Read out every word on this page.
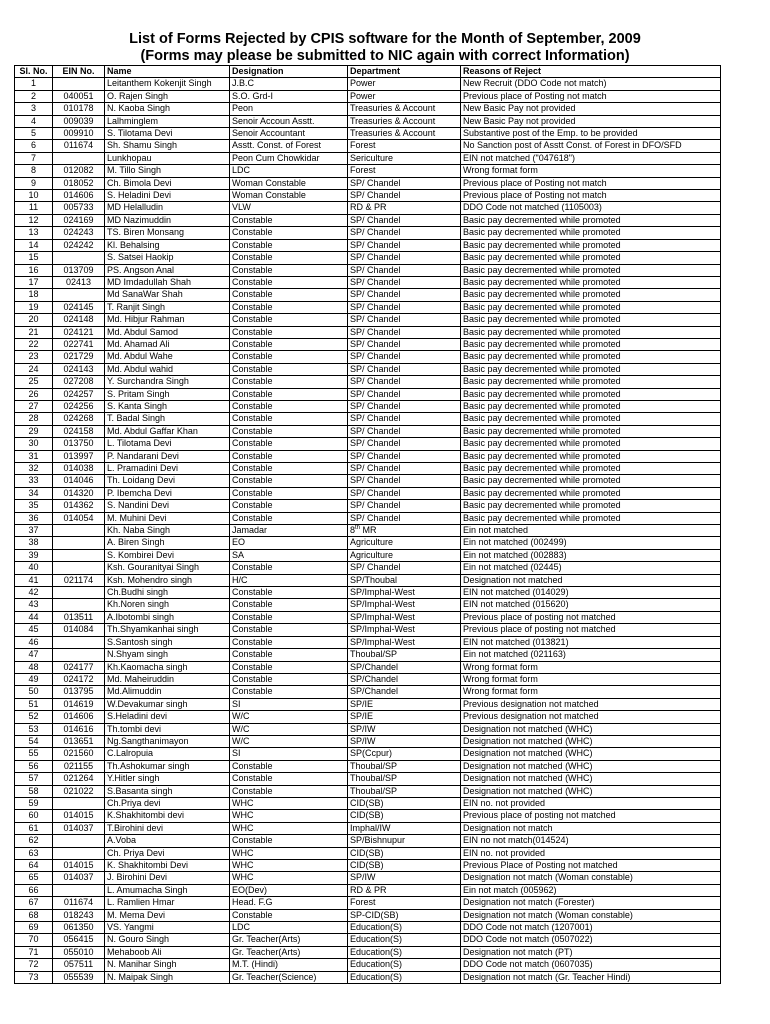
List of Forms Rejected by CPIS software for the Month of September, 2009
(Forms may please be submitted to NIC again with correct Information)
Sl. No.	EIN No.	Name	Designation	Department	Reasons of Reject
1		Leitanthem Kokenjit Singh	J.B.C	Power	New Recruit (DDO Code not match)
2	040051	O. Rajen Singh	S.O. Grd-I	Power	Previous place of Posting not match
3	010178	N. Kaoba Singh	Peon	Treasuries & Account	New Basic Pay not provided
4	009039	Lalhminglem	Senoir Accoun Asstt.	Treasuries & Account	New Basic Pay not provided
5	009910	S. Tilotama Devi	Senoir Accountant	Treasuries & Account	Substantive post of the Emp. to be provided
6	011674	Sh. Shamu Singh	Asstt. Const. of Forest	Forest	No Sanction post of Asstt Const. of Forest in DFO/SFD
7		Lunkhopau	Peon Cum Chowkidar	Sericulture	EIN not matched ("047618")
8	012082	M. Tillo Singh	LDC	Forest	Wrong format form
9	018052	Ch. Bimola Devi	Woman Constable	SP/ Chandel	Previous place of Posting not match
10	014606	S. Heladini Devi	Woman Constable	SP/ Chandel	Previous place of Posting not match
11	005733	MD Helalludin	VLW	RD & PR	DDO Code not matched (1105003)
12	024169	MD Nazimuddin	Constable	SP/ Chandel	Basic pay decremented while promoted
13	024243	TS. Biren Monsang	Constable	SP/ Chandel	Basic pay decremented while promoted
14	024242	Kl. Behalsing	Constable	SP/ Chandel	Basic pay decremented while promoted
15		S. Satsei Haokip	Constable	SP/ Chandel	Basic pay decremented while promoted
16	013709	PS. Angson Anal	Constable	SP/ Chandel	Basic pay decremented while promoted
17	02413	MD Imdadullah Shah	Constable	SP/ Chandel	Basic pay decremented while promoted
18		Md SanaWar Shah	Constable	SP/ Chandel	Basic pay decremented while promoted
19	024145	T. Ranjit Singh	Constable	SP/ Chandel	Basic pay decremented while promoted
20	024148	Md. Hibjur Rahman	Constable	SP/ Chandel	Basic pay decremented while promoted
21	024121	Md. Abdul Samod	Constable	SP/ Chandel	Basic pay decremented while promoted
22	022741	Md. Ahamad Ali	Constable	SP/ Chandel	Basic pay decremented while promoted
23	021729	Md. Abdul Wahe	Constable	SP/ Chandel	Basic pay decremented while promoted
24	024143	Md. Abdul wahid	Constable	SP/ Chandel	Basic pay decremented while promoted
25	027208	Y. Surchandra Singh	Constable	SP/ Chandel	Basic pay decremented while promoted
26	024257	S. Pritam Singh	Constable	SP/ Chandel	Basic pay decremented while promoted
27	024256	S. Kanta Singh	Constable	SP/ Chandel	Basic pay decremented while promoted
28	024268	T. Badal Singh	Constable	SP/ Chandel	Basic pay decremented while promoted
29	024158	Md. Abdul Gaffar Khan	Constable	SP/ Chandel	Basic pay decremented while promoted
30	013750	L. Tilotama Devi	Constable	SP/ Chandel	Basic pay decremented while promoted
31	013997	P. Nandarani Devi	Constable	SP/ Chandel	Basic pay decremented while promoted
32	014038	L. Pramadini Devi	Constable	SP/ Chandel	Basic pay decremented while promoted
33	014046	Th. Loidang Devi	Constable	SP/ Chandel	Basic pay decremented while promoted
34	014320	P. Ibemcha Devi	Constable	SP/ Chandel	Basic pay decremented while promoted
35	014362	S. Nandini Devi	Constable	SP/ Chandel	Basic pay decremented while promoted
36	014054	M. Muhini Devi	Constable	SP/ Chandel	Basic pay decremented while promoted
37		Kh. Naba Singh	Jamadar	8th MR	Ein not matched
38		A. Biren Singh	EO	Agriculture	Ein not matched (002499)
39		S. Kombirei Devi	SA	Agriculture	Ein not matched (002883)
40		Ksh. Gouranityai Singh	Constable	SP/ Chandel	Ein not matched (02445)
41	021174	Ksh. Mohendro singh	H/C	SP/Thoubal	Designation not matched
42		Ch.Budhi singh	Constable	SP/Imphal-West	EIN not matched (014029)
43		Kh.Noren singh	Constable	SP/Imphal-West	EIN not matched (015620)
44	013511	A.Ibotombi singh	Constable	SP/Imphal-West	Previous place of posting not matched
45	014084	Th.Shyamkanhai singh	Constable	SP/Imphal-West	Previous place of posting not matched
46		S.Santosh singh	Constable	SP/Imphal-West	EIN not matched (013821)
47		N.Shyam singh	Constable	Thoubal/SP	Ein not matched (021163)
48	024177	Kh.Kaomacha singh	Constable	SP/Chandel	Wrong format form
49	024172	Md. Maheiruddin	Constable	SP/Chandel	Wrong format form
50	013795	Md.Alimuddin	Constable	SP/Chandel	Wrong format form
51	014619	W.Devakumar singh	SI	SP/IE	Previous designation not matched
52	014606	S.Heladini devi	W/C	SP/IE	Previous designation not matched
53	014616	Th.tombi devi	W/C	SP/IW	Designation not matched (WHC)
54	013651	Ng.Sangthanimayon	W/C	SP/IW	Designation not matched (WHC)
55	021560	C.Lalropuia	SI	SP(Ccpur)	Designation not matched (WHC)
56	021155	Th.Ashokumar singh	Constable	Thoubal/SP	Designation not matched (WHC)
57	021264	Y.Hitler singh	Constable	Thoubal/SP	Designation not matched (WHC)
58	021022	S.Basanta singh	Constable	Thoubal/SP	Designation not matched (WHC)
59		Ch.Priya devi	WHC	CID(SB)	EIN no. not provided
60	014015	K.Shakhitombi devi	WHC	CID(SB)	Previous place of posting not matched
61	014037	T.Birohini devi	WHC	Imphal/IW	Designation not match
62		A.Voba	Constable	SP/Bishnupur	EIN no not match(014524)
63		Ch. Priya Devi	WHC	CID(SB)	EIN no. not provided
64	014015	K. Shakhitombi Devi	WHC	CID(SB)	Previous Place of Posting not matched
65	014037	J. Birohini Devi	WHC	SP/IW	Designation not match (Woman constable)
66		L. Amumacha Singh	EO(Dev)	RD & PR	Ein not match (005962)
67	011674	L. Ramlien Hmar	Head. F.G	Forest	Designation not match (Forester)
68	018243	M. Mema Devi	Constable	SP-CID(SB)	Designation not match (Woman constable)
69	061350	VS. Yangmi	LDC	Education(S)	DDO Code not match (1207001)
70	056415	N. Gouro Singh	Gr. Teacher(Arts)	Education(S)	DDO Code not match (0507022)
71	055010	Mehaboob Ali	Gr. Teacher(Arts)	Education(S)	Designation not match (PT)
72	057511	N. Manihar Singh	M.T. (Hindi)	Education(S)	DDO Code not match (0607035)
73	055539	N. Maipak Singh	Gr. Teacher(Science)	Education(S)	Designation not match (Gr. Teacher Hindi)
